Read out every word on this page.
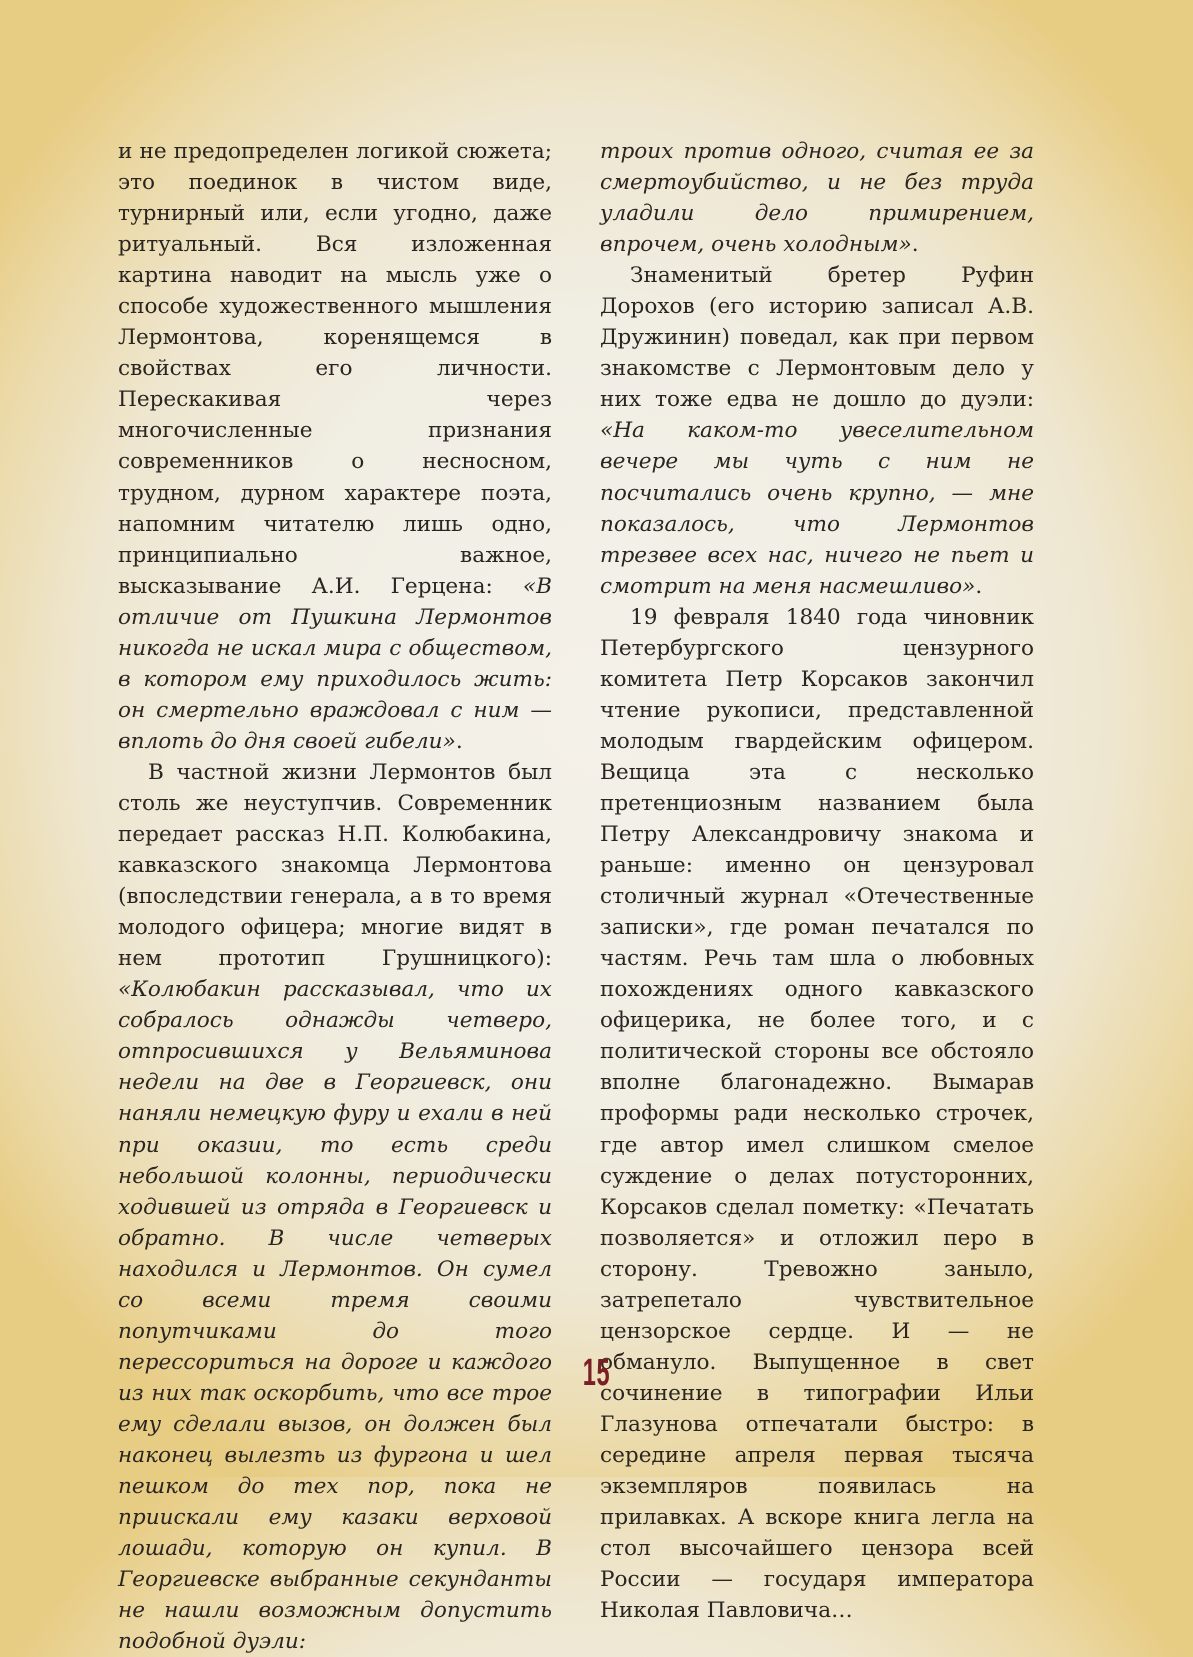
и не предопределен логикой сюжета; это поединок в чистом виде, турнирный или, если угодно, даже ритуальный. Вся изложенная картина наводит на мысль уже о способе художественного мышления Лермонтова, коренящемся в свойствах его личности. Перескакивая через многочисленные признания современников о несносном, трудном, дурном характере поэта, напомним читателю лишь одно, принципиально важное, высказывание А.И. Герцена: «В отличие от Пушкина Лермонтов никогда не искал мира с обществом, в котором ему приходилось жить: он смертельно враждовал с ним — вплоть до дня своей гибели».

В частной жизни Лермонтов был столь же неуступчив. Современник передает рассказ Н.П. Колюбакина, кавказского знакомца Лермонтова (впоследствии генерала, а в то время молодого офицера; многие видят в нем прототип Грушницкого): «Колюбакин рассказывал, что их собралось однажды четверо, отпросившихся у Вельяминова недели на две в Георгиевск, они наняли немецкую фуру и ехали в ней при оказии, то есть среди небольшой колонны, периодически ходившей из отряда в Георгиевск и обратно. В числе четверых находился и Лермонтов. Он сумел со всеми тремя своими попутчиками до того перессориться на дороге и каждого из них так оскорбить, что все трое ему сделали вызов, он должен был наконец вылезть из фургона и шел пешком до тех пор, пока не приискали ему казаки верховой лошади, которую он купил. В Георгиевске выбранные секунданты не нашли возможным допустить подобной дуэли:

троих против одного, считая ее за смертоубийство, и не без труда уладили дело примирением, впрочем, очень холодным».

Знаменитый бретер Руфин Дорохов (его историю записал А.В. Дружинин) поведал, как при первом знакомстве с Лермонтовым дело у них тоже едва не дошло до дуэли: «На каком-то увеселительном вечере мы чуть с ним не посчитались очень крупно, — мне показалось, что Лермонтов трезвее всех нас, ничего не пьет и смотрит на меня насмешливо».

19 февраля 1840 года чиновник Петербургского цензурного комитета Петр Корсаков закончил чтение рукописи, представленной молодым гвардейским офицером. Вещица эта с несколько претенциозным названием была Петру Александровичу знакома и раньше: именно он цензуровал столичный журнал «Отечественные записки», где роман печатался по частям. Речь там шла о любовных похождениях одного кавказского офицерика, не более того, и с политической стороны все обстояло вполне благонадежно. Вымарав проформы ради несколько строчек, где автор имел слишком смелое суждение о делах потусторонних, Корсаков сделал пометку: «Печатать позволяется» и отложил перо в сторону. Тревожно заныло, затрепетало чувствительное цензорское сердце. И — не обмануло. Выпущенное в свет сочинение в типографии Ильи Глазунова отпечатали быстро: в середине апреля первая тысяча экземпляров появилась на прилавках. А вскоре книга легла на стол высочайшего цензора всей России — государя императора Николая Павловича…

15
